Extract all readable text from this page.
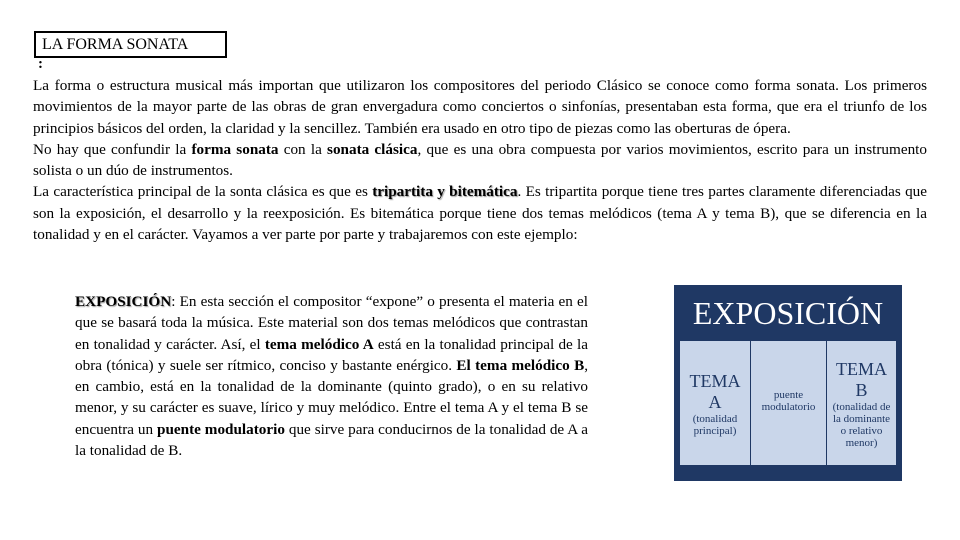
LA FORMA SONATA
:

La forma o estructura musical más importan que utilizaron los compositores del periodo Clásico se conoce como forma sonata. Los primeros movimientos de la mayor parte de las obras de gran envergadura como conciertos o sinfonías, presentaban esta forma, que era el triunfo de los principios básicos del orden, la claridad y la sencillez. También era usado en otro tipo de piezas como las oberturas de ópera.

No hay que confundir la forma sonata con la sonata clásica, que es una obra compuesta por varios movimientos, escrito para un instrumento solista o un dúo de instrumentos.

La característica principal de la sonta clásica es que es tripartita y bitemática. Es tripartita porque tiene tres partes claramente diferenciadas que son la exposición, el desarrollo y la reexposición. Es bitemática porque tiene dos temas melódicos (tema A y tema B), que se diferencia en la tonalidad y en el carácter. Vayamos a ver parte por parte y trabajaremos con este ejemplo:

EXPOSICIÓN: En esta sección el compositor “expone” o presenta el materia en el que se basará toda la música. Este material son dos temas melódicos que contrastan en tonalidad y carácter. Así, el tema melódico A está en la tonalidad principal de la obra (tónica) y suele ser rítmico, conciso y bastante enérgico. El tema melódico B, en cambio, está en la tonalidad de la dominante (quinto grado), o en su relativo menor, y su carácter es suave, lírico y muy melódico. Entre el tema A y el tema B se encuentra un puente modulatorio que sirve para conducirnos de la tonalidad de A a la tonalidad de B.

EXPOSICIÓN
TEMA
A
(tonalidad
principal)
puente
modulatorio
TEMA
B
(tonalidad de
la dominante
o relativo
menor)
